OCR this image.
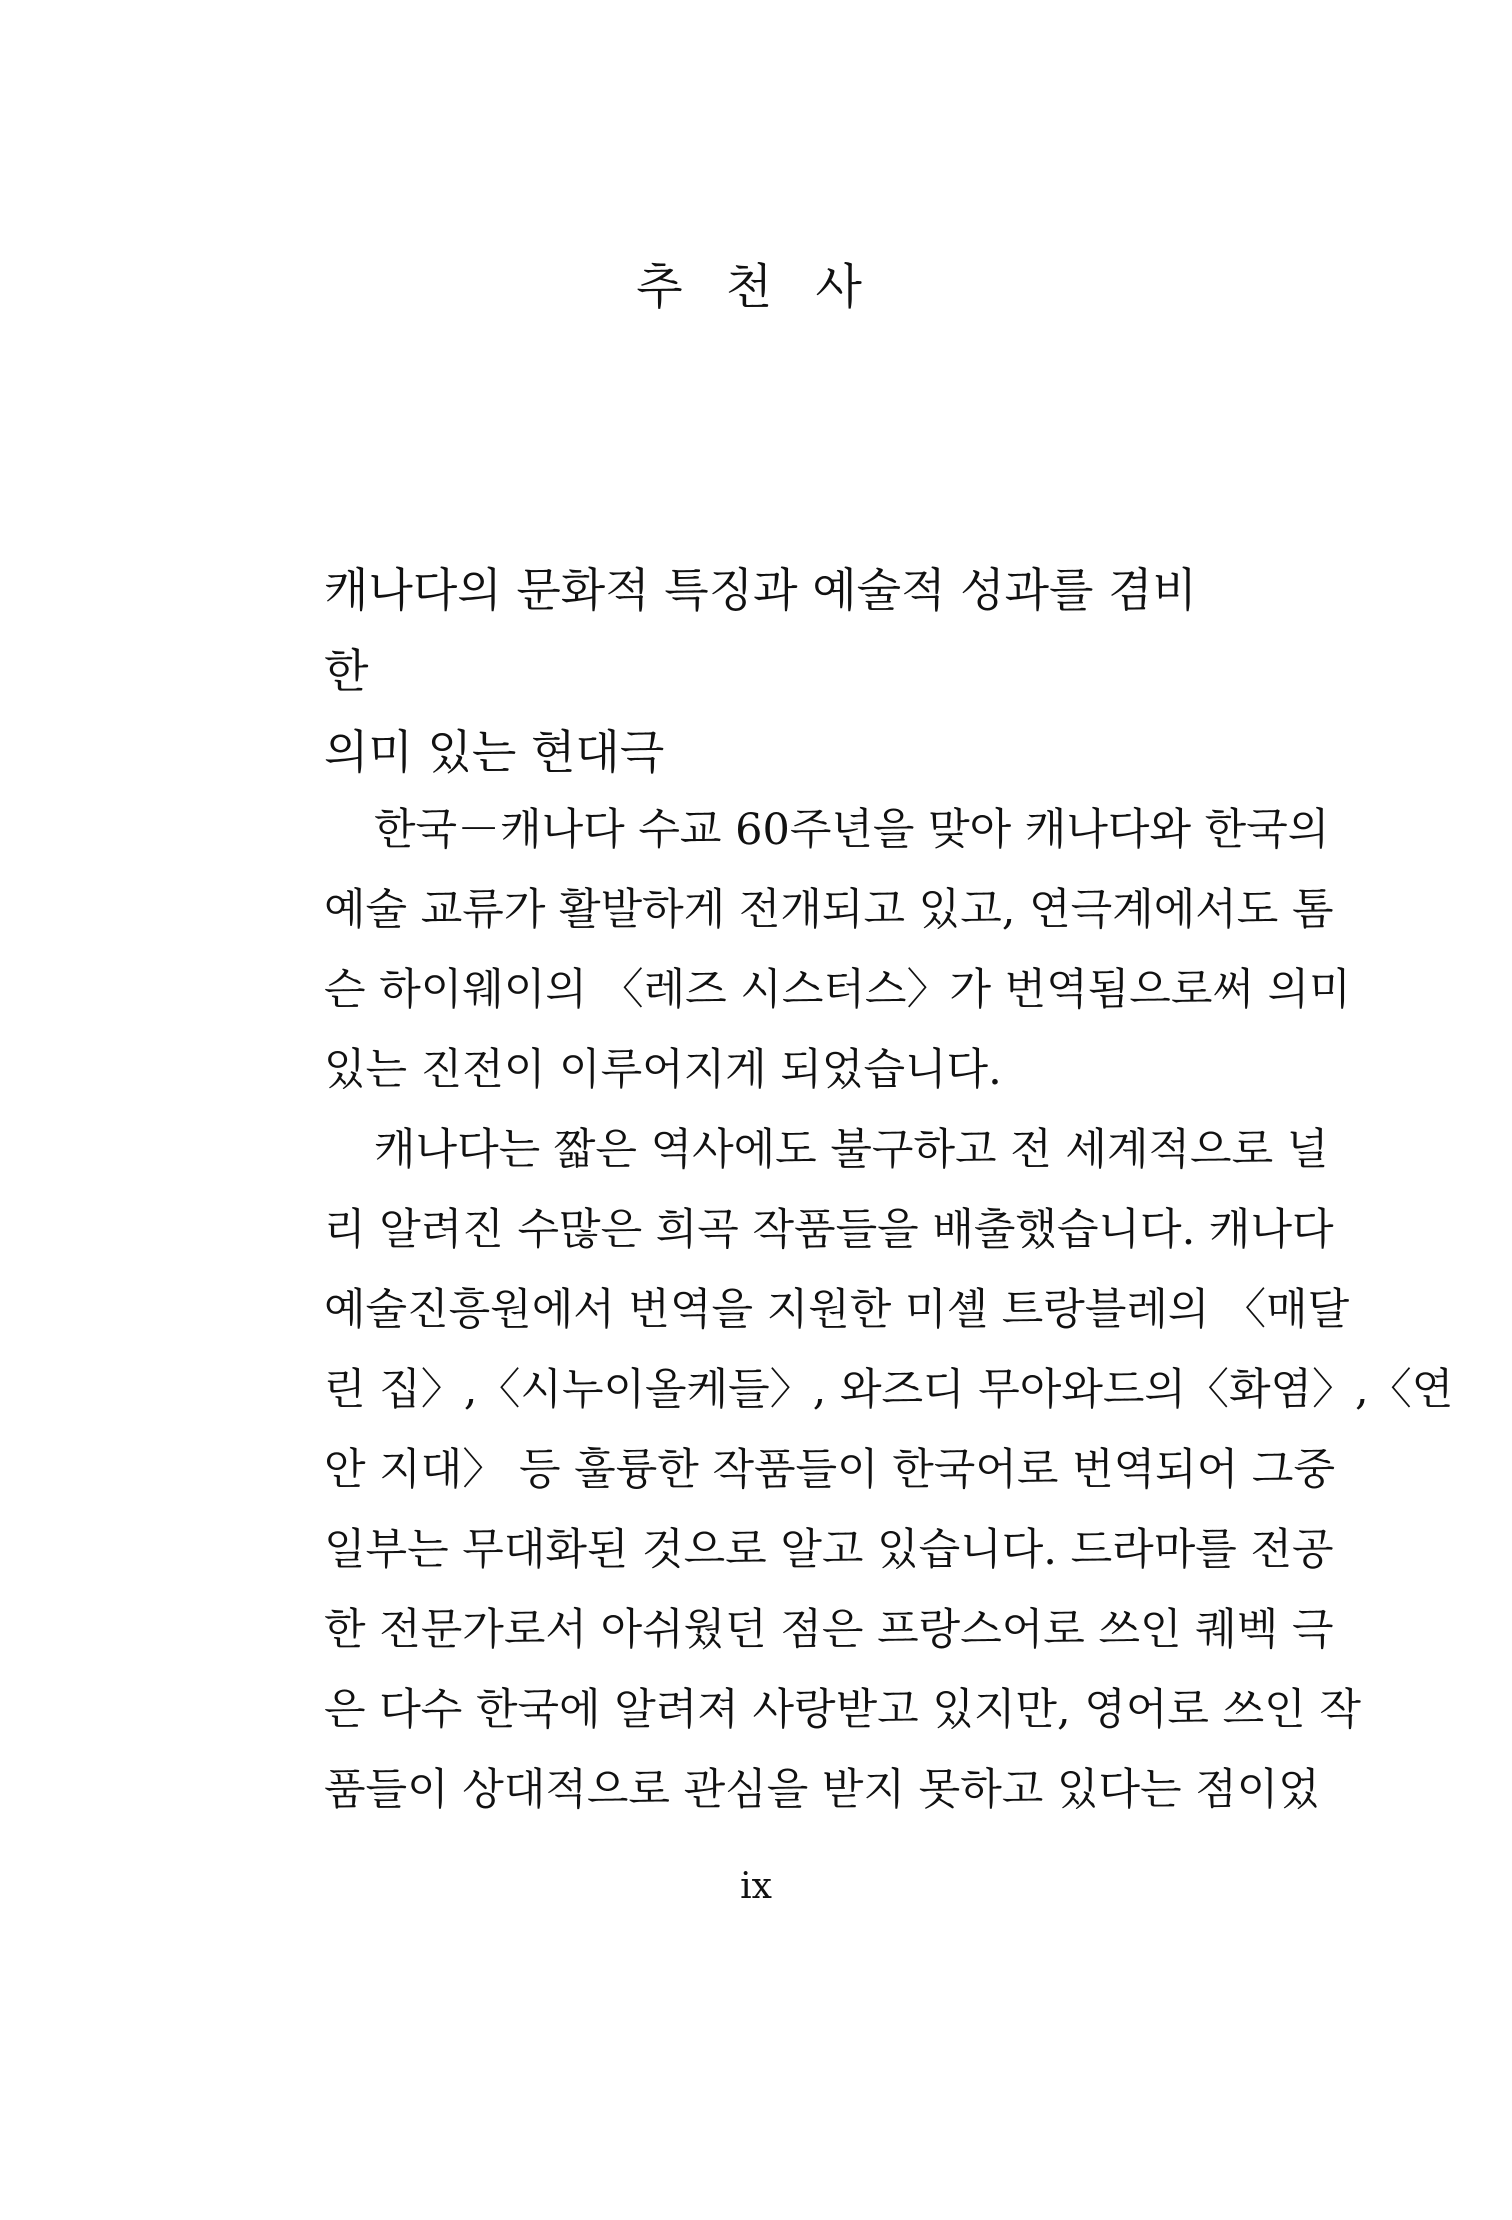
추 천 사
캐나다의 문화적 특징과 예술적 성과를 겸비한
의미 있는 현대극
한국－캐나다 수교 60주년을 맞아 캐나다와 한국의
예술 교류가 활발하게 전개되고 있고, 연극계에서도 톰
슨 하이웨이의 〈레즈 시스터스〉가 번역됨으로써 의미
있는 진전이 이루어지게 되었습니다.
캐나다는 짧은 역사에도 불구하고 전 세계적으로 널
리 알려진 수많은 희곡 작품들을 배출했습니다. 캐나다
예술진흥원에서 번역을 지원한 미셸 트랑블레의 〈매달
린 집〉,〈시누이올케들〉, 와즈디 무아와드의〈화염〉,〈연
안 지대〉 등 훌륭한 작품들이 한국어로 번역되어 그중
일부는 무대화된 것으로 알고 있습니다. 드라마를 전공
한 전문가로서 아쉬웠던 점은 프랑스어로 쓰인 퀘벡 극
은 다수 한국에 알려져 사랑받고 있지만, 영어로 쓰인 작
품들이 상대적으로 관심을 받지 못하고 있다는 점이었
ix
